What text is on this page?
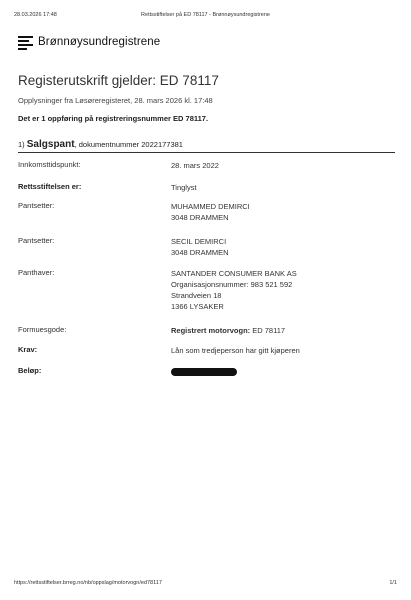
28.03.2026 17:48	Rettsstiftelser på ED 78117 - Brønnøysundregistrene
Brønnøysundregistrene
Registerutskrift gjelder: ED 78117
Opplysninger fra Løsøreregisteret, 28. mars 2026 kl. 17:48
Det er 1 oppføring på registreringsnummer ED 78117.
1) Salgspant, dokumentnummer 2022177381
Innkomsttidspunkt:	28. mars 2022
Rettsstiftelsen er:	Tinglyst
Pantsetter:	MUHAMMED DEMIRCI
3048 DRAMMEN
Pantsetter:	SECIL DEMIRCI
3048 DRAMMEN
Panthaver:	SANTANDER CONSUMER BANK AS
Organisasjonsnummer: 983 521 592
Strandveien 18
1366 LYSAKER
Formuesgode:	Registrert motorvogn: ED 78117
Krav:	Lån som tredjeperson har gitt kjøperen
Beløp:
https://rettsstiftelser.brreg.no/nb/oppslag/motorvogn/ed78117	1/1
